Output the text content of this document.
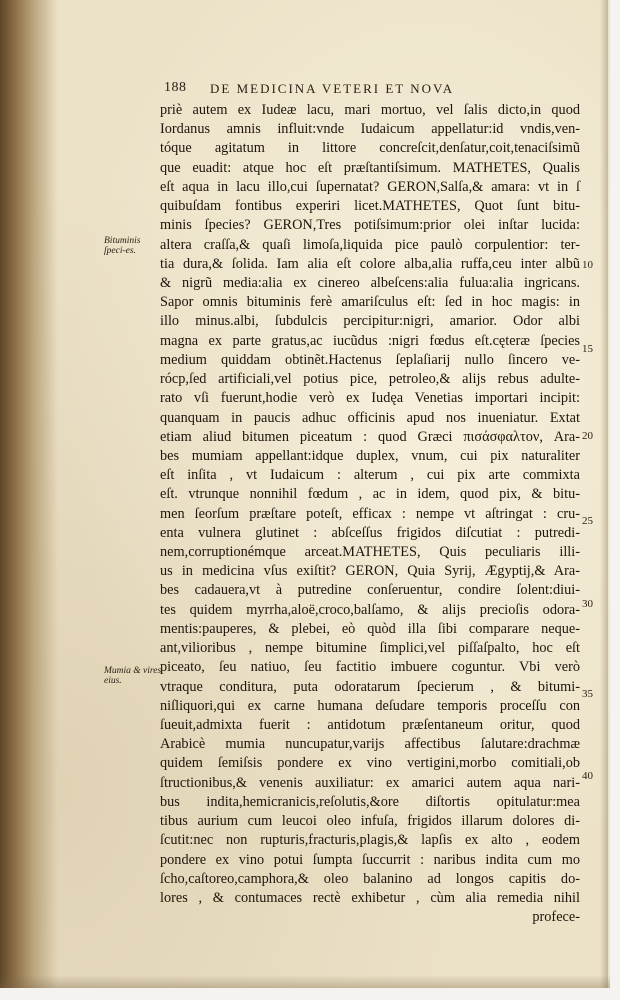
188 DE MEDICINA VETERI ET NOVA
Bituminis ſpeci-es.
Mumia & vires eius.
10
15
20
25
30
35
40
priè autem ex Iudeæ lacu, mari mortuo, vel ſalis dicto,in quod
Iordanus amnis influit:vnde Iudaicum appellatur:id vndis,ven-
tóque agitatum in littore concreſcit,denſatur,coit,tenaciſsimũ
que euadit: atque hoc eſt præſtantiſsimum. MATHETES, Qualis
eſt aqua in lacu illo,cui ſupernatat? GERON,Salſa,& amara: vt in ſ
quibuſdam fontibus experiri licet.MATHETES, Quot ſunt bitu-
minis ſpecies? GERON,Tres potiſsimum:prior olei inſtar lucida:
altera craſſa,& quaſi limoſa,liquida pice paulò corpulentior: ter-
tia dura,& ſolida. Iam alia eſt colore alba,alia ruffa,ceu inter albũ
& nigrũ media:alia ex cinereo albeſcens:alia fulua:alia ingricans.
Sapor omnis bituminis ferè amariſculus eſt: ſed in hoc magis: in
illo minus.albi, ſubdulcis percipitur:nigri, amarior. Odor albi
magna ex parte gratus,ac iucũdus :nigri fœdus eſt.cęteræ ſpecies
medium quiddam obtinẽt.Hactenus ſeplaſiarij nullo ſincero ve-
rócp,ſed artificiali,vel potius pice, petroleo,& alijs rebus adulte-
rato vſi fuerunt,hodie verò ex Iudęa Venetias importari incipit:
quanquam in paucis adhuc officinis apud nos inueniatur. Extat
etiam aliud bitumen piceatum : quod Græci πισάσφαλτον, Ara-
bes mumiam appellant:idque duplex, vnum, cui pix naturaliter
eſt inſita , vt Iudaicum : alterum , cui pix arte commixta
eſt. vtrunque nonnihil fœdum , ac in idem, quod pix, & bitu-
men ſeorſum præſtare poteſt, efficax : nempe vt aſtringat : cru-
enta vulnera glutinet : abſceſſus frigidos diſcutiat : putredi-
nem,corruptionémque arceat.MATHETES, Quis peculiaris illi-
us in medicina vſus exiſtit? GERON, Quia Syrij, Ægyptij,& Ara-
bes cadauera,vt à putredine conſeruentur, condire ſolent:diui-
tes quidem myrrha,aloë,croco,balſamo, & alijs precioſis odora-
mentis:pauperes, & plebei, eò quòd illa ſibi comparare neque-
ant,vilioribus , nempe bitumine ſimplici,vel piſſaſpalto, hoc eſt
piceato, ſeu natiuo, ſeu factitio imbuere coguntur. Vbi verò
vtraque conditura, puta odoratarum ſpecierum , & bitumi-
niſliquori,qui ex carne humana deſudare temporis proceſſu con
ſueuit,admixta fuerit : antidotum præſentaneum oritur, quod
Arabicè mumia nuncupatur,varijs affectibus ſalutare:drachmæ
quidem ſemiſsis pondere ex vino vertigini,morbo comitiali,ob
ſtructionibus,& venenis auxiliatur: ex amarici autem aqua nari-
bus indita,hemicranicis,reſolutis,&ore diſtortis opitulatur:mea
tibus aurium cum leucoi oleo infuſa, frigidos illarum dolores di-
ſcutit:nec non rupturis,fracturis,plagis,& lapſis ex alto , eodem
pondere ex vino potui ſumpta ſuccurrit : naribus indita cum mo
ſcho,caſtoreo,camphora,& oleo balanino ad longos capitis do-
lores , & contumaces rectè exhibetur , cùm alia remedia nihil
profece-
